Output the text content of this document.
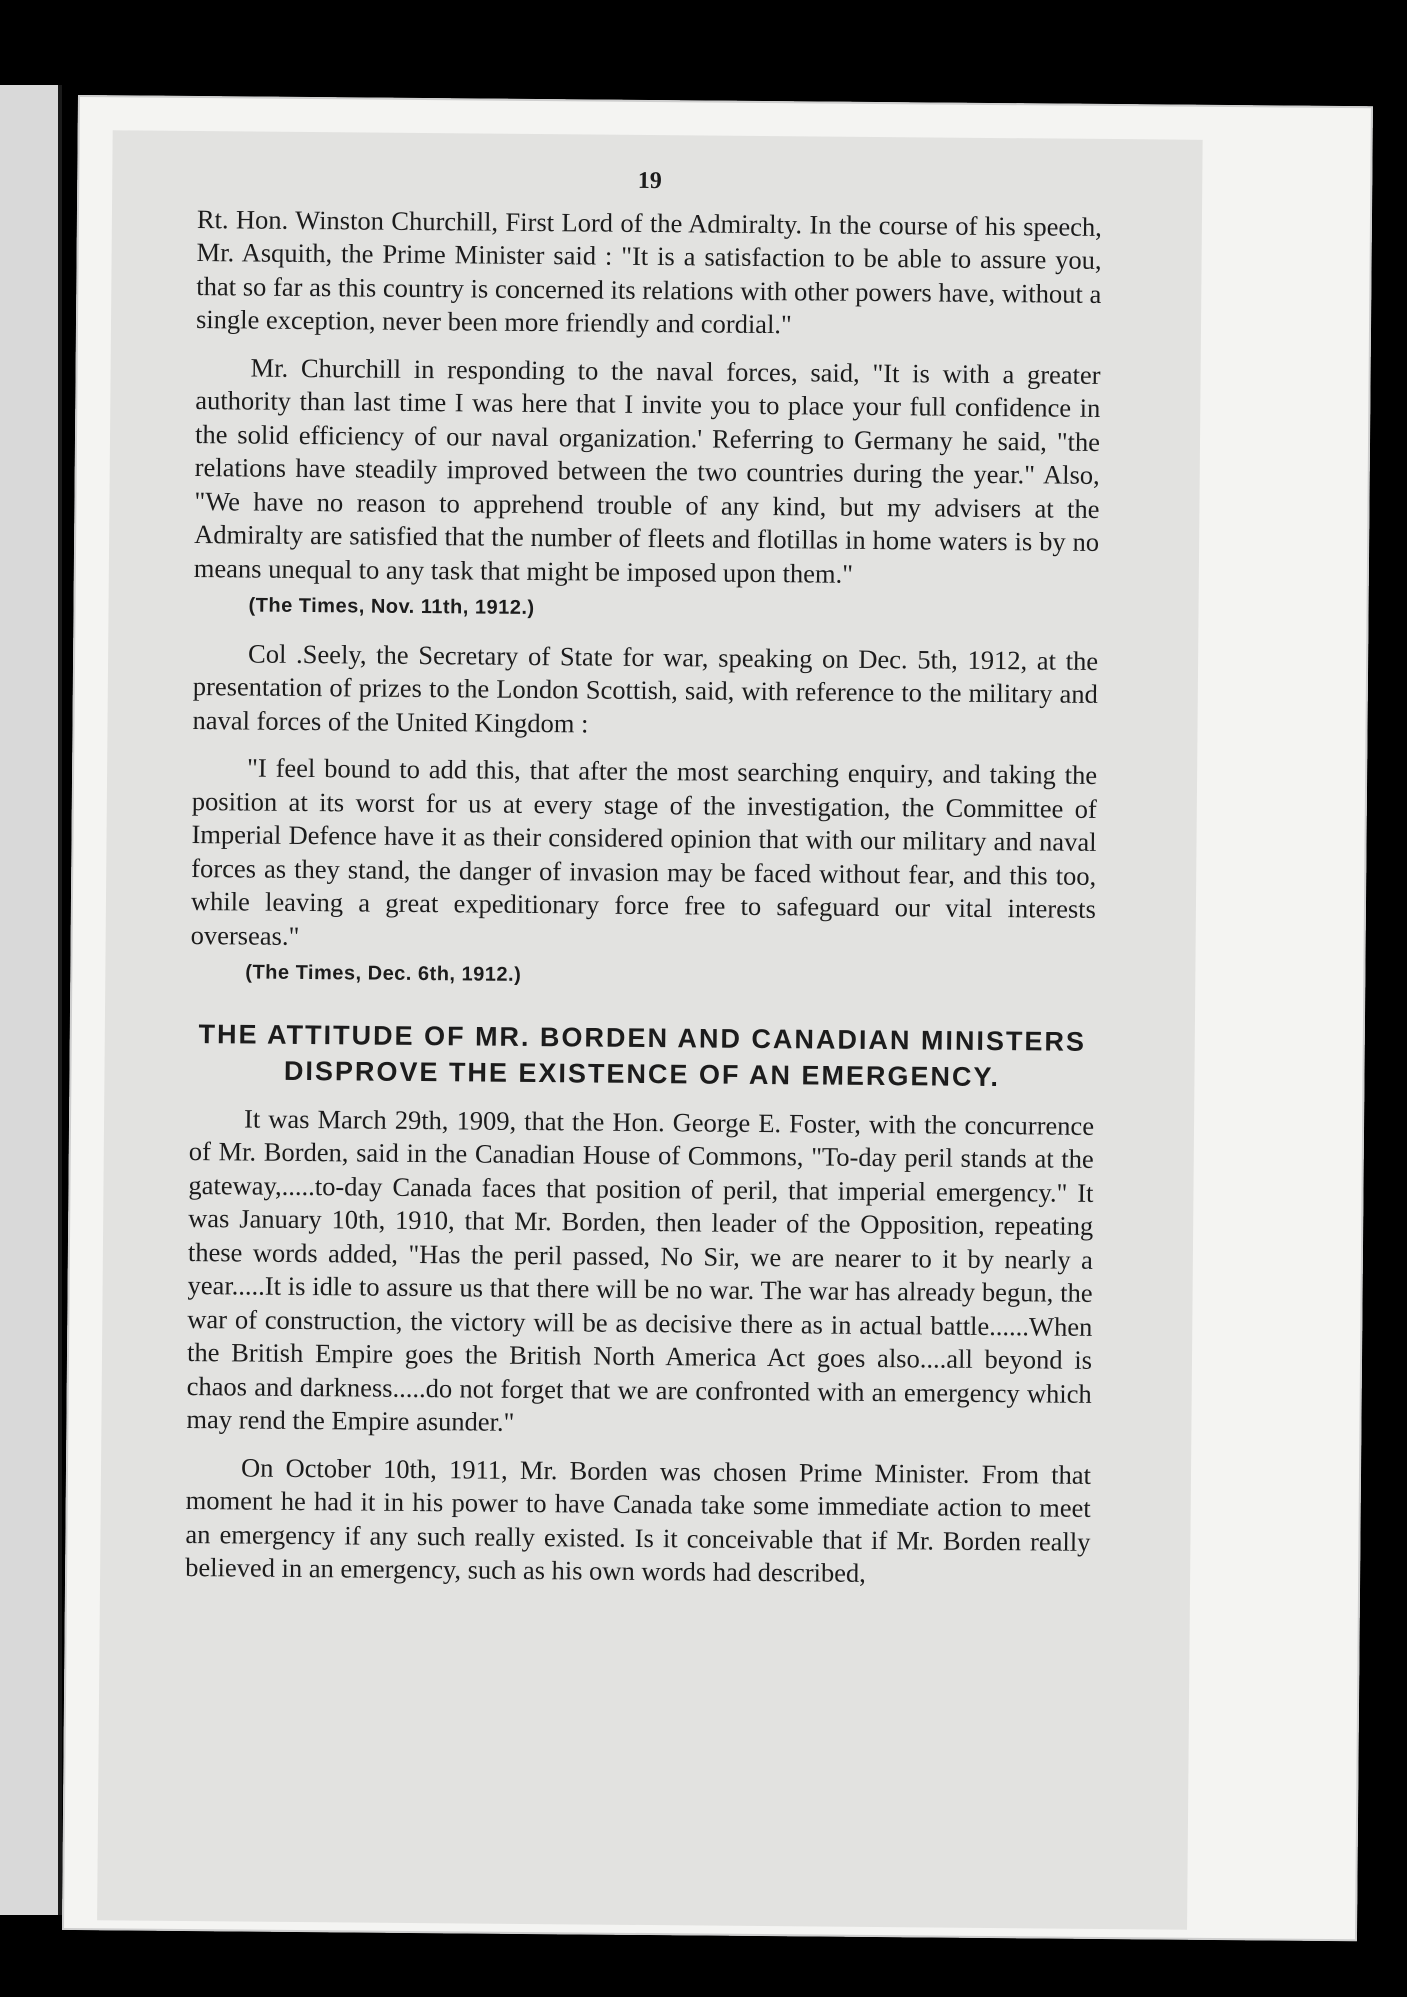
19

Rt. Hon. Winston Churchill, First Lord of the Admiralty. In the course of his speech, Mr. Asquith, the Prime Minister said : "It is a satisfaction to be able to assure you, that so far as this country is concerned its relations with other powers have, without a single exception, never been more friendly and cordial."

Mr. Churchill in responding to the naval forces, said, "It is with a greater authority than last time I was here that I invite you to place your full confidence in the solid efficiency of our naval organization.' Referring to Germany he said, "the relations have steadily improved between the two countries during the year." Also, "We have no reason to apprehend trouble of any kind, but my advisers at the Admiralty are satisfied that the number of fleets and flotillas in home waters is by no means unequal to any task that might be imposed upon them."

(The Times, Nov. 11th, 1912.)

Col .Seely, the Secretary of State for war, speaking on Dec. 5th, 1912, at the presentation of prizes to the London Scottish, said, with reference to the military and naval forces of the United Kingdom :

"I feel bound to add this, that after the most searching enquiry, and taking the position at its worst for us at every stage of the investigation, the Committee of Imperial Defence have it as their considered opinion that with our military and naval forces as they stand, the danger of invasion may be faced without fear, and this too, while leaving a great expeditionary force free to safeguard our vital interests overseas."

(The Times, Dec. 6th, 1912.)
THE ATTITUDE OF MR. BORDEN AND CANADIAN MINISTERS DISPROVE THE EXISTENCE OF AN EMERGENCY.

It was March 29th, 1909, that the Hon. George E. Foster, with the concurrence of Mr. Borden, said in the Canadian House of Commons, "To-day peril stands at the gateway,.....to-day Canada faces that position of peril, that imperial emergency." It was January 10th, 1910, that Mr. Borden, then leader of the Opposition, repeating these words added, "Has the peril passed, No Sir, we are nearer to it by nearly a year.....It is idle to assure us that there will be no war. The war has already begun, the war of construction, the victory will be as decisive there as in actual battle......When the British Empire goes the British North America Act goes also....all beyond is chaos and darkness.....do not forget that we are confronted with an emergency which may rend the Empire asunder."

On October 10th, 1911, Mr. Borden was chosen Prime Minister. From that moment he had it in his power to have Canada take some immediate action to meet an emergency if any such really existed. Is it conceivable that if Mr. Borden really believed in an emergency, such as his own words had described,
